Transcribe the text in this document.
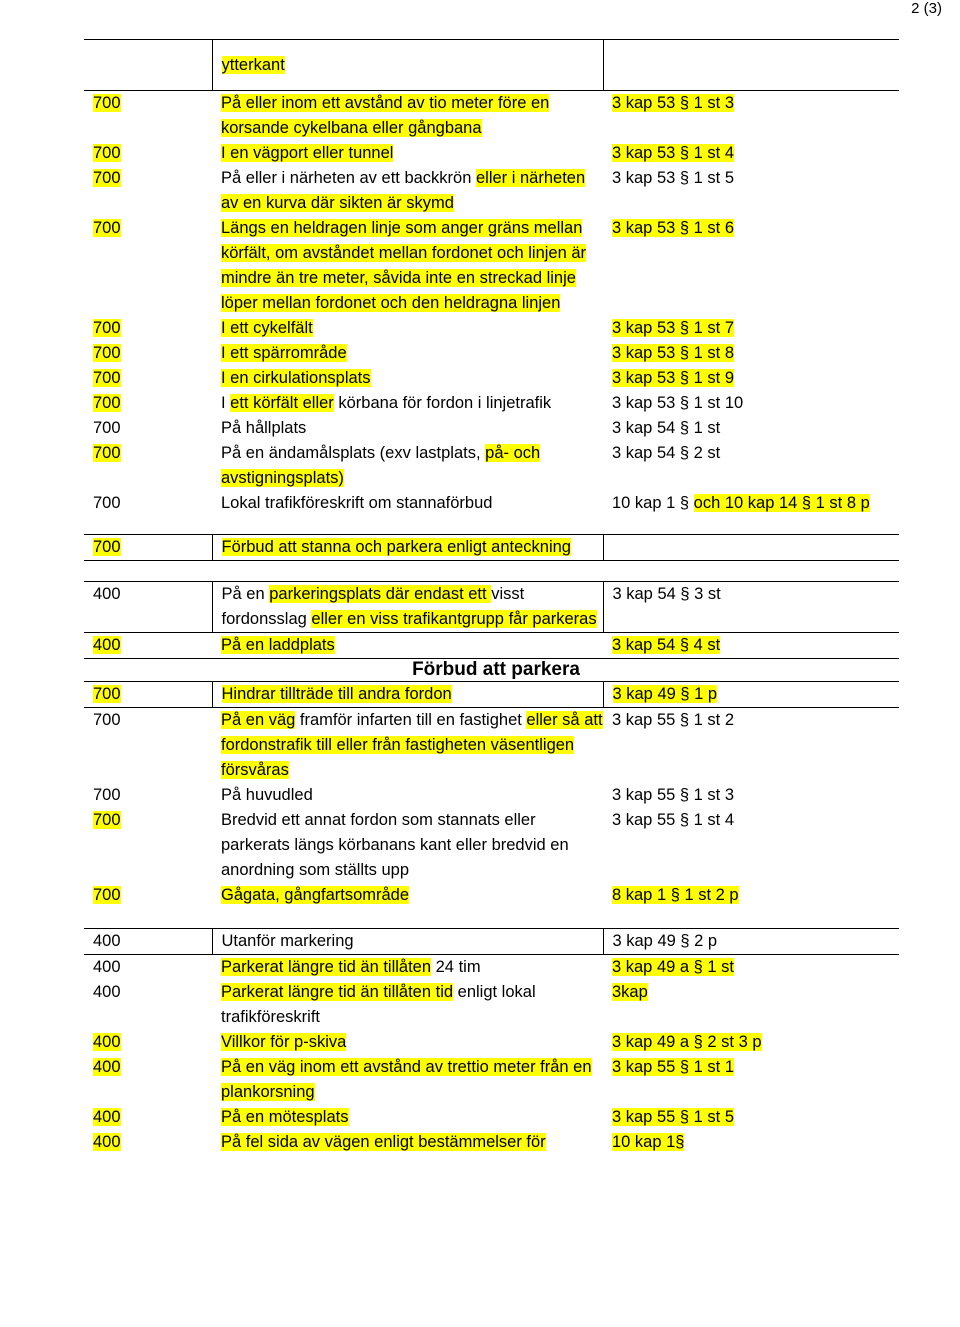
2 (3)
	ytterkant	
700	På eller inom ett avstånd av tio meter före en korsande cykelbana eller gångbana	3 kap 53 § 1 st 3
700	I en vägport eller tunnel	3 kap 53 § 1 st 4
700	På eller i närheten av ett backkrön eller i närheten av en kurva där sikten är skymd	3 kap 53 § 1 st 5
700	Längs en heldragen linje som anger gräns mellan körfält, om avståndet mellan fordonet och linjen är mindre än tre meter, såvida inte en streckad linje löper mellan fordonet och den heldragna linjen	3 kap 53 § 1 st 6
700	I ett cykelfält	3 kap 53 § 1 st 7
700	I ett spärrområde	3 kap 53 § 1 st 8
700	I en cirkulationsplats	3 kap 53 § 1 st 9
700	I ett körfält eller körbana för fordon i linjetrafik	3 kap 53 § 1 st 10
700	På hållplats	3 kap 54 § 1 st
700	På en ändamålsplats (exv lastplats, på- och avstigningsplats)	3 kap 54 § 2 st
700	Lokal trafikföreskrift om stannaförbud	10 kap 1 § och 10 kap 14 § 1 st 8 p

700	Förbud att stanna och parkera enligt anteckning	

400	På en parkeringsplats där endast ett visst fordonsslag eller en viss trafikantgrupp får parkeras	3 kap 54 § 3 st
400	På en laddplats	3 kap 54 § 4 st
Förbud att parkera		
700	Hindrar tillträde till andra fordon	3 kap 49 § 1 p
700	På en väg framför infarten till en fastighet eller så att fordonstrafik till eller från fastigheten väsentligen försvåras	3 kap 55 § 1 st 2
700	På huvudled	3 kap 55 § 1 st 3
700	Bredvid ett annat fordon som stannats eller parkerats längs körbanans kant eller bredvid en anordning som ställts upp	3 kap 55 § 1 st 4
700	Gågata, gångfartsområde	8 kap 1 § 1 st 2 p

400	Utanför markering	3 kap 49 § 2 p
400	Parkerat längre tid än tillåten 24 tim	3 kap 49 a § 1 st
400	Parkerat längre tid än tillåten tid enligt lokal trafikföreskrift	3kap
400	Villkor för p-skiva	3 kap 49 a § 2 st 3 p
400	På en väg inom ett avstånd av trettio meter från en plankorsning	3 kap 55 § 1 st 1
400	På en mötesplats	3 kap 55 § 1 st 5
400	På fel sida av vägen enligt bestämmelser för	10 kap 1§
